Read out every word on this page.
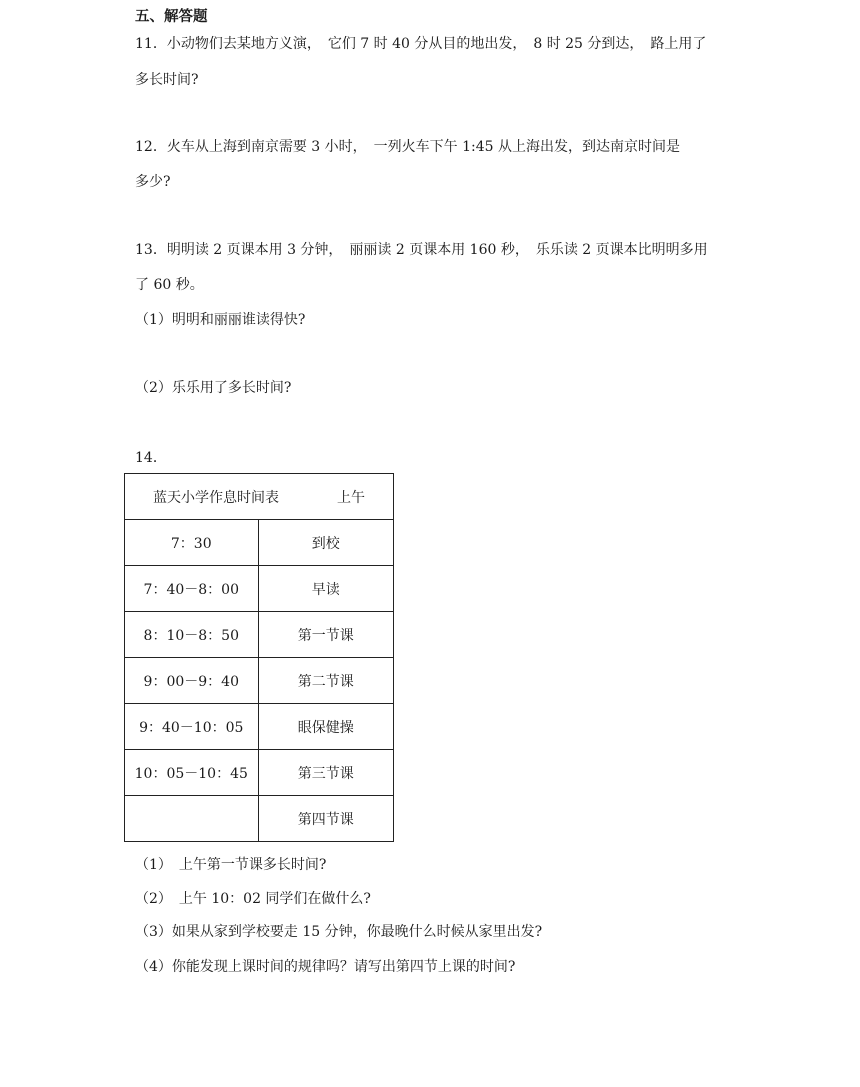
五、解答题
11．小动物们去某地方义演，　它们 7 时 40 分从目的地出发，　8 时 25 分到达，　路上用了
多长时间?
12．火车从上海到南京需要 3 小时，　一列火车下午 1:45 从上海出发，到达南京时间是
多少?
13．明明读 2 页课本用 3 分钟，　丽丽读 2 页课本用 160 秒，　乐乐读 2 页课本比明明多用
了 60 秒。
（1）明明和丽丽谁读得快?
（2）乐乐用了多长时间?
14．
蓝天小学作息时间表 上午	

7：30	到校
7：40－8：00	早读
8：10－8：50	第一节课
9：00－9：40	第二节课
9：40－10：05	眼保健操
10：05－10：45	第三节课
	第四节课
（1）　上午第一节课多长时间?
（2）　上午 10：02 同学们在做什么?
（3）如果从家到学校要走 15 分钟，你最晚什么时候从家里出发?
（4）你能发现上课时间的规律吗？请写出第四节上课的时间?
